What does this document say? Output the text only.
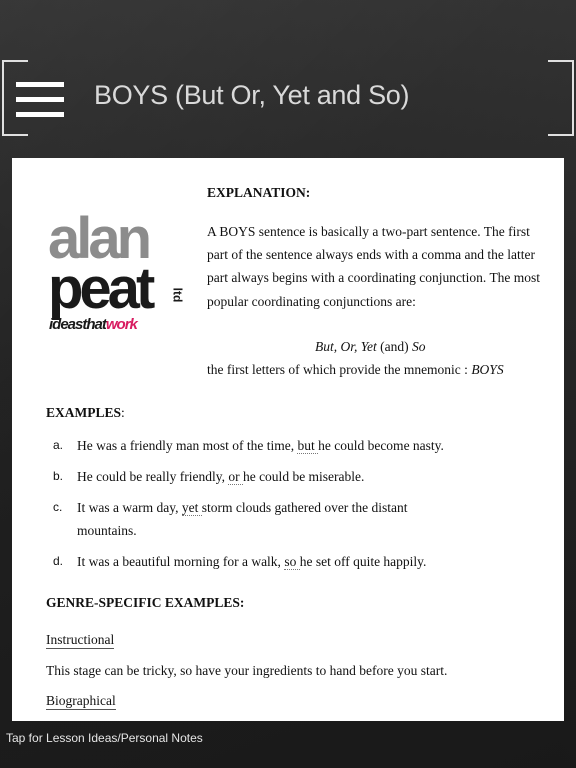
BOYS (But Or, Yet and So)
alan
peat ltd
ideasthatwork
EXPLANATION:

A BOYS sentence is basically a two-part sentence. The first part of the sentence always ends with a comma and the latter part always begins with a coordinating conjunction. The most popular coordinating conjunctions are:

But, Or, Yet (and) So
the first letters of which provide the mnemonic : BOYS
EXAMPLES:
a. He was a friendly man most of the time, but he could become nasty.
b. He could be really friendly, or he could be miserable.
c. It was a warm day, yet storm clouds gathered over the distant mountains.
d. It was a beautiful morning for a walk, so he set off quite happily.
GENRE-SPECIFIC EXAMPLES:
Instructional
This stage can be tricky, so have your ingredients to hand before you start.
Biographical
Tap for Lesson Ideas/Personal Notes
